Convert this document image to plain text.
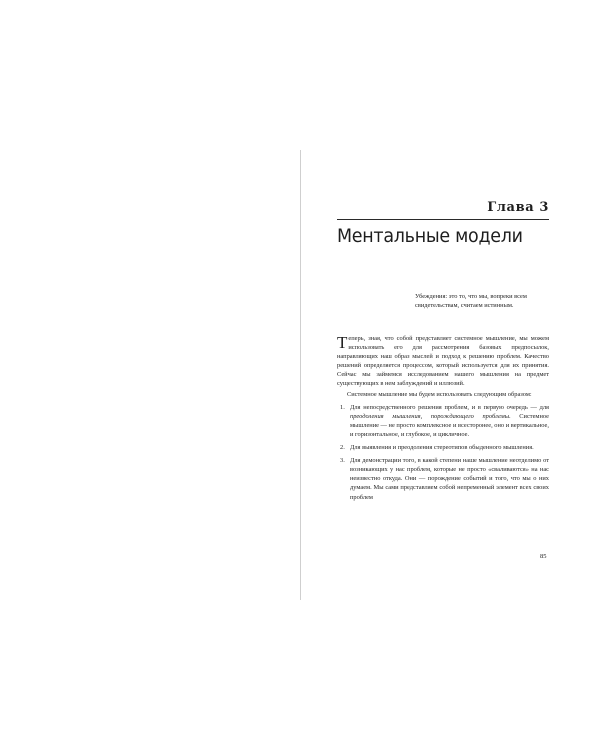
Глава 3
Ментальные модели
Убеждения: это то, что мы, вопреки всем
свидетельствам, считаем истинным.

Теперь, зная, что собой представляет системное мышление, мы можем использовать его для рассмотрения базовых предпосылок, направляющих наш образ мыслей и подход к решению проблем. Качество решений определяется процессом, который используется для их принятия. Сейчас мы займемся исследованием нашего мышления на предмет существующих в нем заблуждений и иллюзий.

Системное мышление мы будем использовать следующим образом:

1. Для непосредственного решения проблем, и в первую очередь — для преодоления мышления, порождающего проблемы. Системное мышление — не просто комплексное и всесторонее, оно и вертикальное, и горизонтальное, и глубокое, и цикличное.
2. Для выявления и преодоления стереотипов обыденного мышления.
3. Для демонстрации того, в какой степени наше мышление неотделимо от возникающих у нас проблем, которые не просто «сваливаются» на нас неизвестно откуда. Они — порождение событий и того, что мы о них думаем. Мы сами представляем собой непременный элемент всех своих проблем
85
